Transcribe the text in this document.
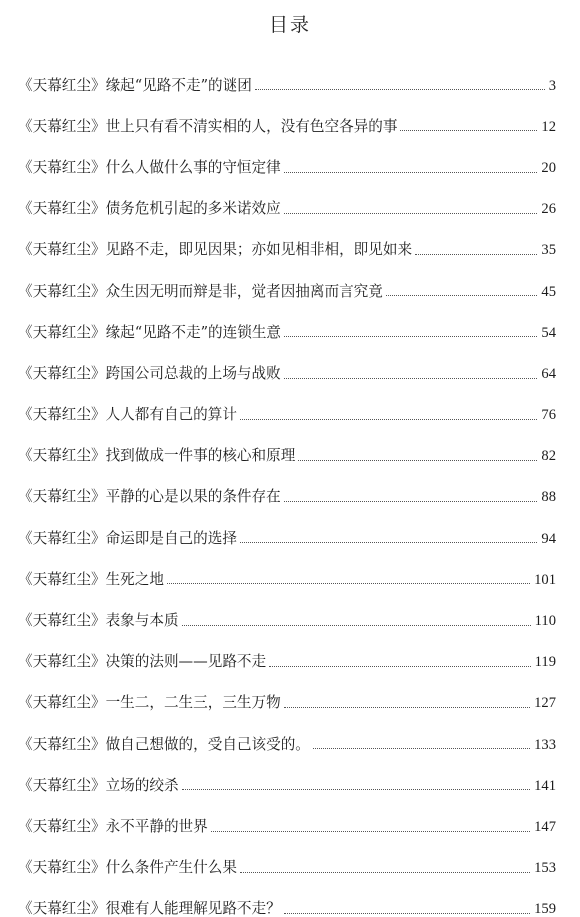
目录
《天幕红尘》缘起“见路不走”的谜团	3
《天幕红尘》世上只有看不清实相的人，没有色空各异的事	12
《天幕红尘》什么人做什么事的守恒定律	20
《天幕红尘》债务危机引起的多米诺效应	26
《天幕红尘》见路不走，即见因果；亦如见相非相，即见如来	35
《天幕红尘》众生因无明而辩是非，觉者因抽离而言究竟	45
《天幕红尘》缘起“见路不走”的连锁生意	54
《天幕红尘》跨国公司总裁的上场与战败	64
《天幕红尘》人人都有自己的算计	76
《天幕红尘》找到做成一件事的核心和原理	82
《天幕红尘》平静的心是以果的条件存在	88
《天幕红尘》命运即是自己的选择	94
《天幕红尘》生死之地	101
《天幕红尘》表象与本质	110
《天幕红尘》决策的法则——见路不走	119
《天幕红尘》一生二，二生三，三生万物	127
《天幕红尘》做自己想做的，受自己该受的。	133
《天幕红尘》立场的绞杀	141
《天幕红尘》永不平静的世界	147
《天幕红尘》什么条件产生什么果	153
《天幕红尘》很难有人能理解见路不走？	159
